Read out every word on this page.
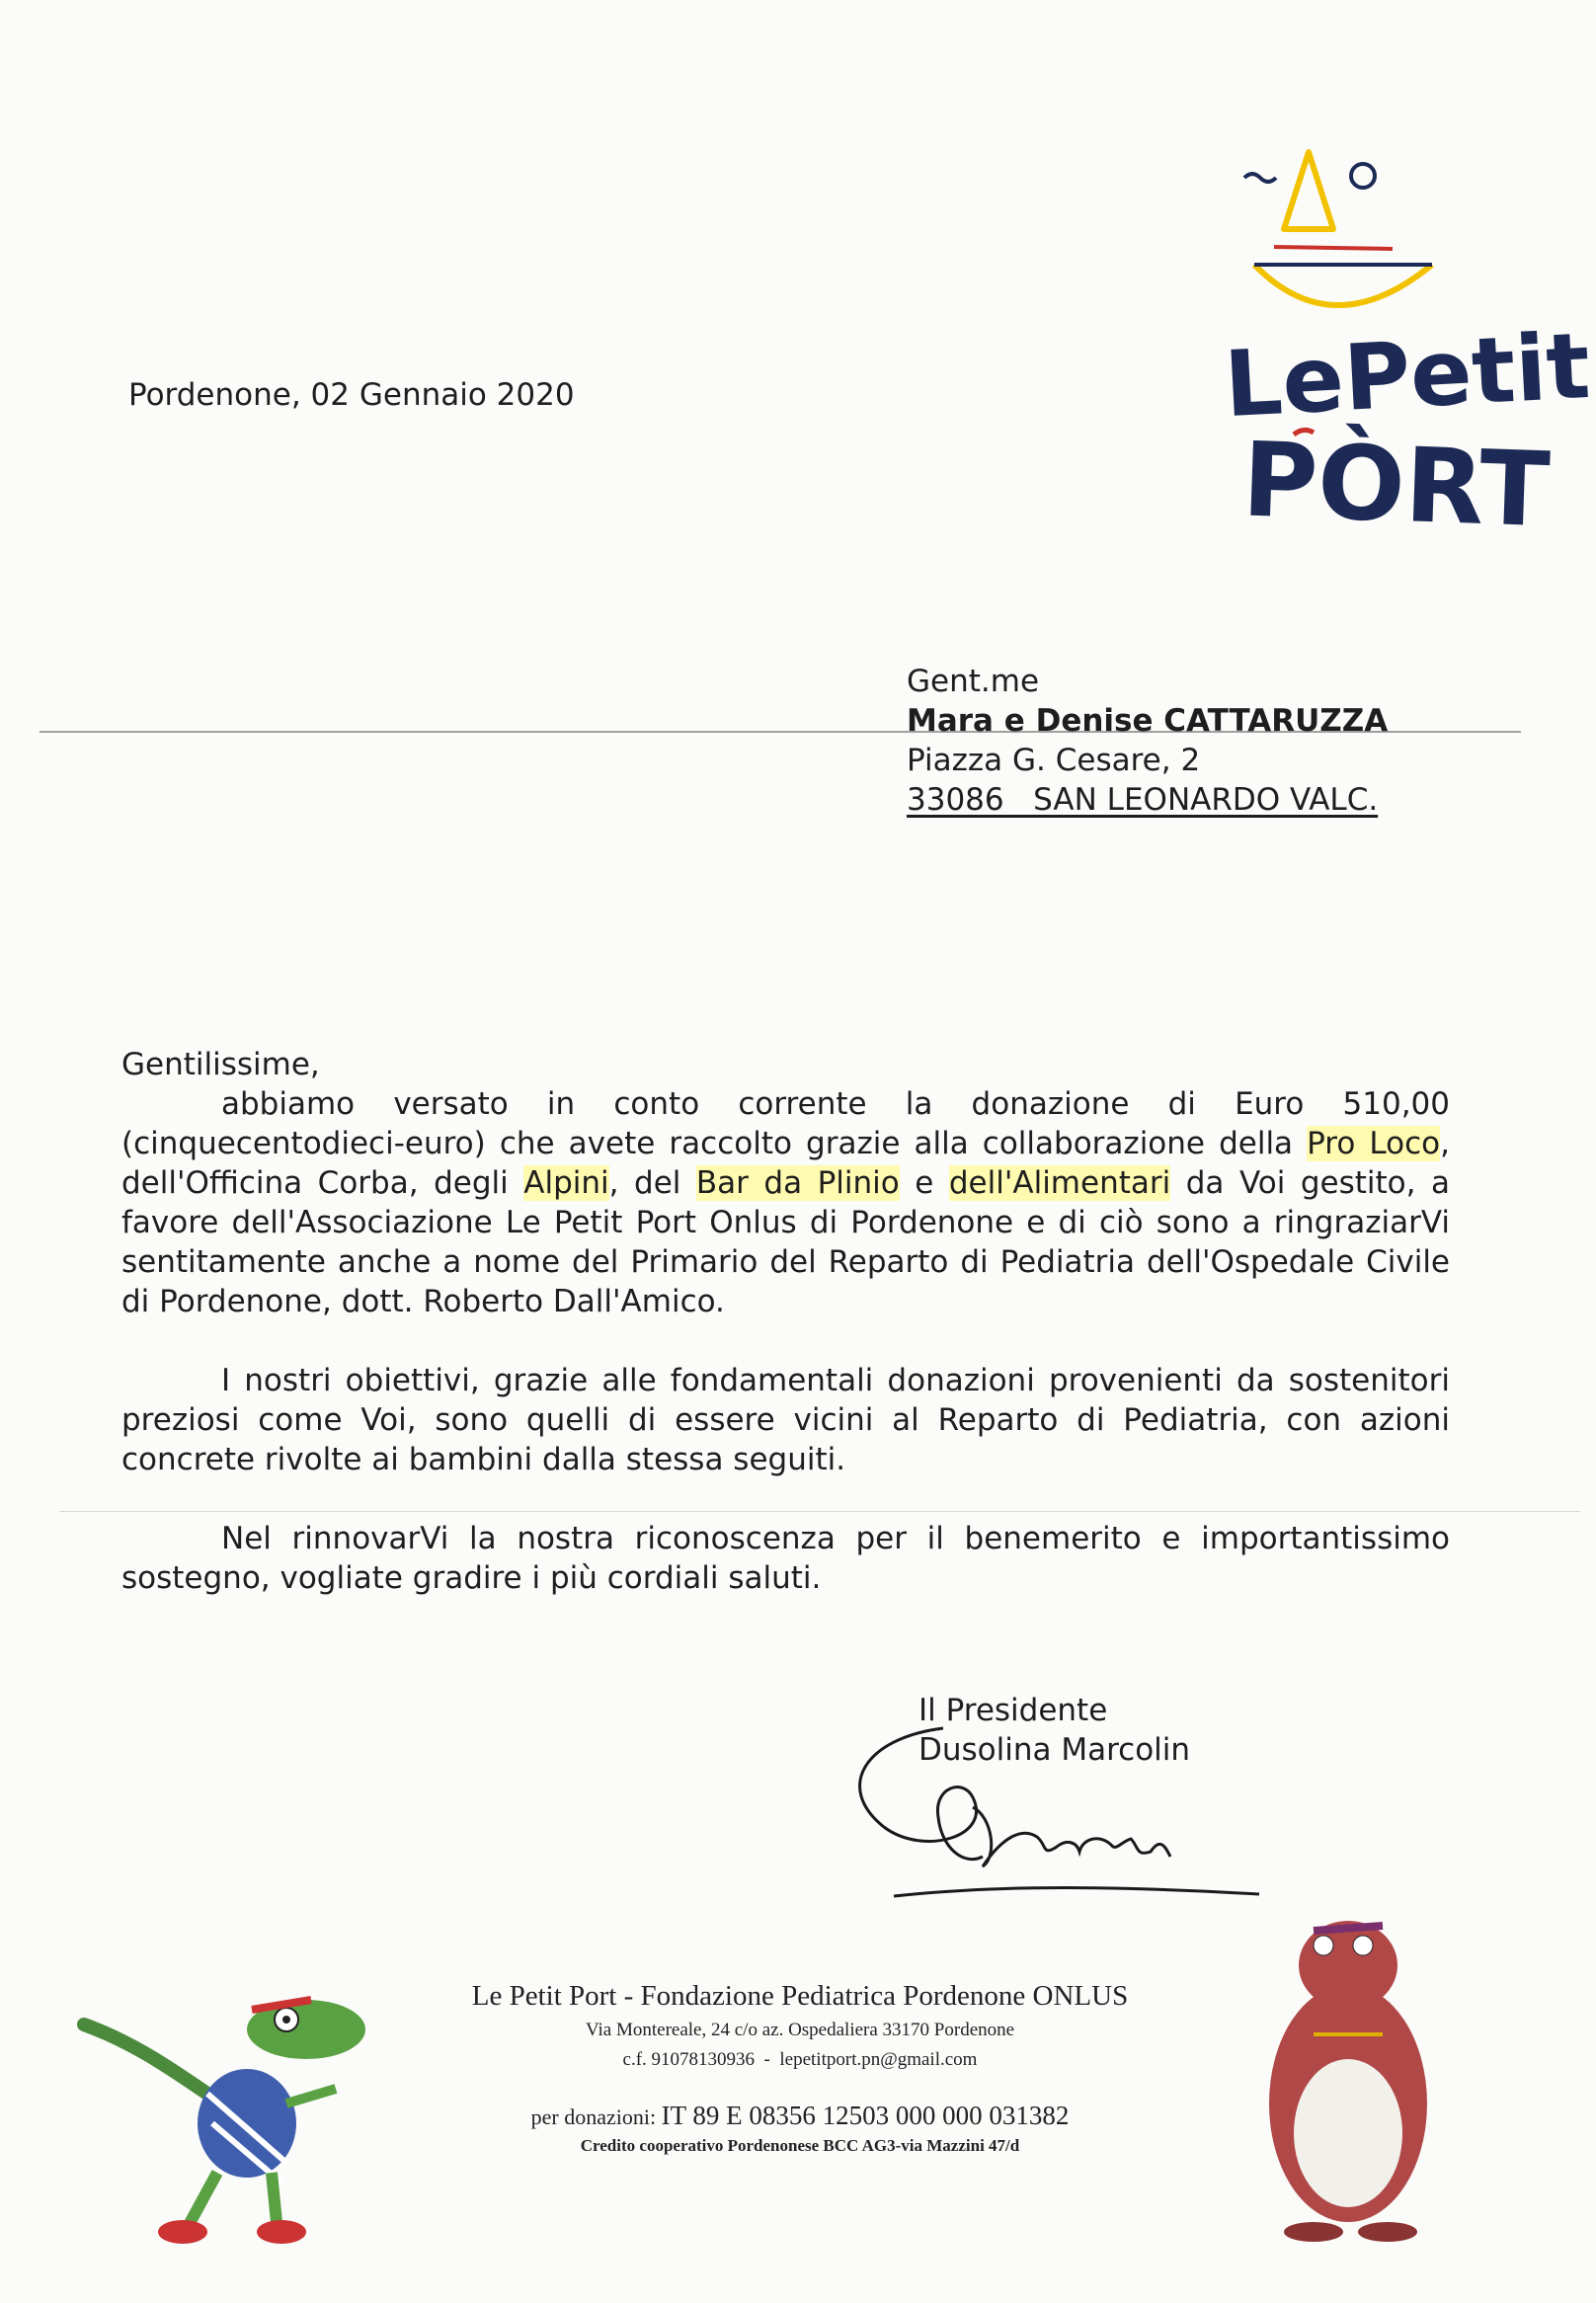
LePetit
PÒRT
Pordenone, 02 Gennaio 2020
Gent.me
Mara e Denise CATTARUZZA
Piazza G. Cesare, 2
33086   SAN LEONARDO VALC.

Gentilissime,

abbiamo versato in conto corrente la donazione di Euro 510,00 (cinquecentodieci-euro) che avete raccolto grazie alla collaborazione della Pro Loco, dell'Officina Corba, degli Alpini, del Bar da Plinio e dell'Alimentari da Voi gestito, a favore dell'Associazione Le Petit Port Onlus di Pordenone e di ciò sono a ringraziarVi sentitamente anche a nome del Primario del Reparto di Pediatria dell'Ospedale Civile di Pordenone, dott. Roberto Dall'Amico.

I nostri obiettivi, grazie alle fondamentali donazioni provenienti da sostenitori preziosi come Voi, sono quelli di essere vicini al Reparto di Pediatria, con azioni concrete rivolte ai bambini dalla stessa seguiti.

Nel rinnovarVi la nostra riconoscenza per il benemerito e importantissimo sostegno, vogliate gradire i più cordiali saluti.

Il Presidente
Dusolina Marcolin
Le Petit Port - Fondazione Pediatrica Pordenone ONLUS
Via Montereale, 24 c/o az. Ospedaliera 33170 Pordenone
c.f. 91078130936  -  lepetitport.pn@gmail.com
per donazioni: IT 89 E 08356 12503 000 000 031382
Credito cooperativo Pordenonese BCC AG3-via Mazzini 47/d
